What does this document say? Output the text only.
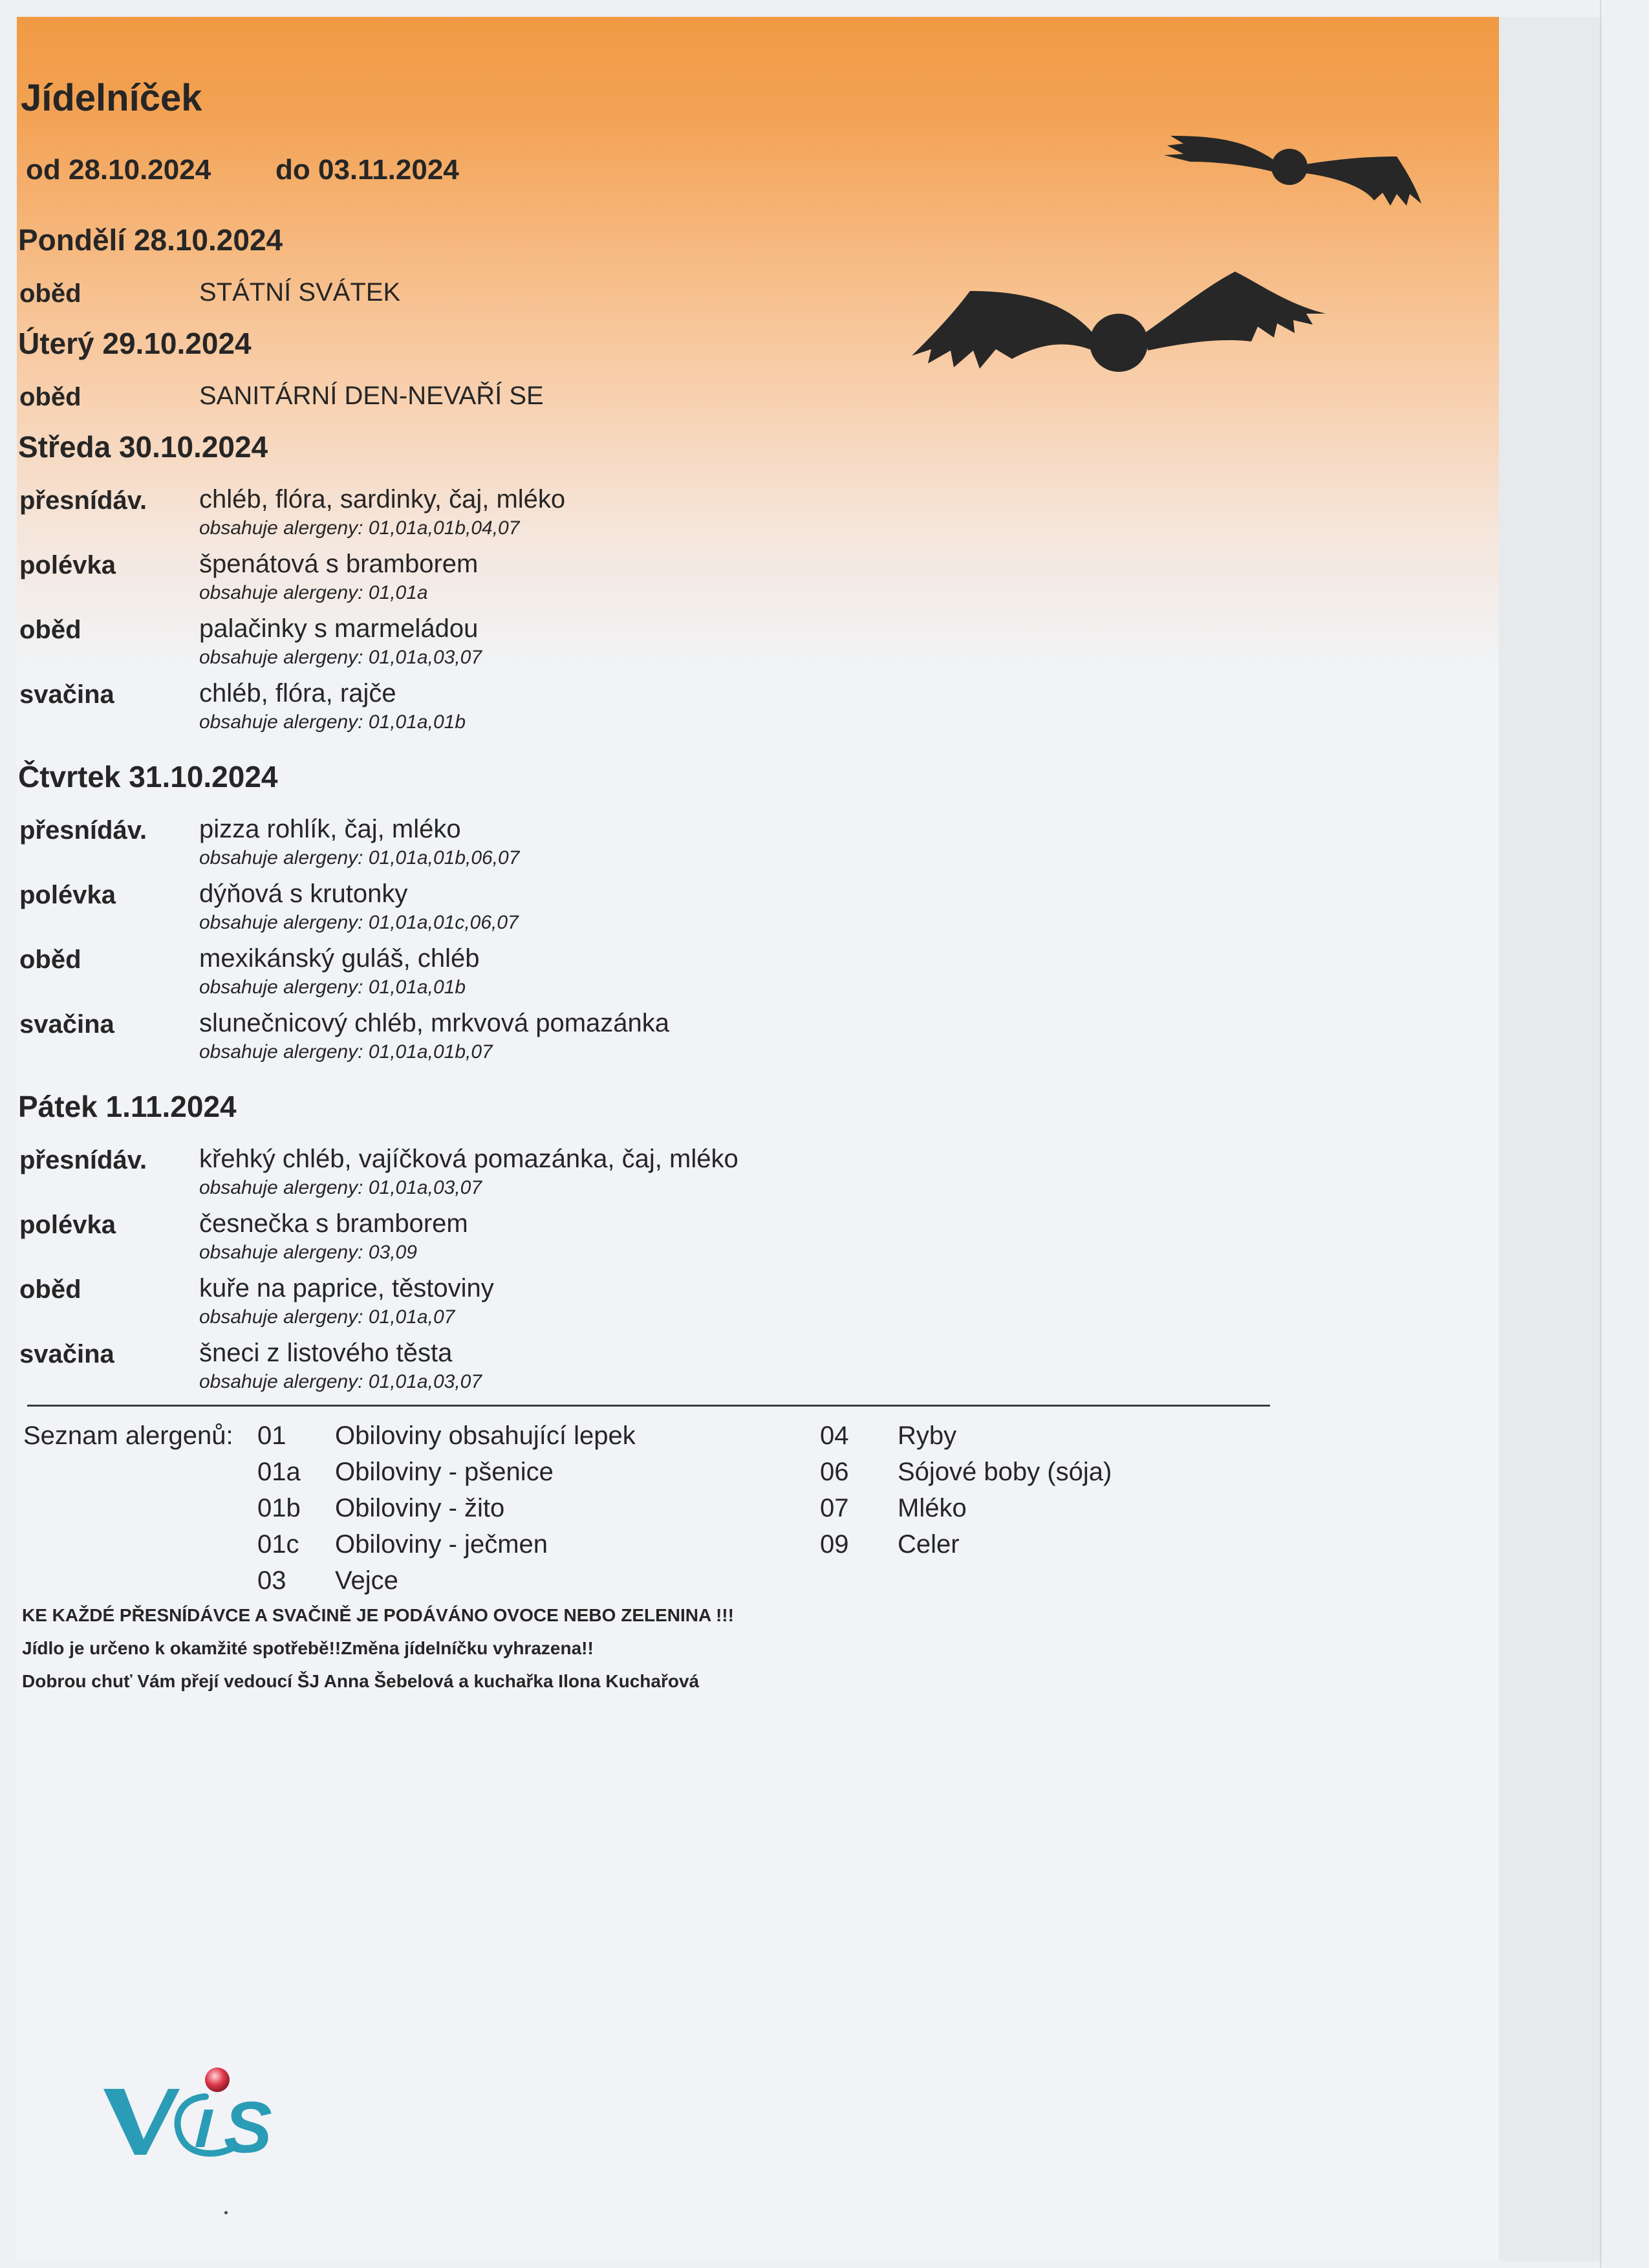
Jídelníček
od 28.10.2024 do 03.11.2024
Pondělí 28.10.2024
oběd	STÁTNÍ SVÁTEK
Úterý 29.10.2024
oběd	SANITÁRNÍ DEN-NEVAŘÍ SE
Středa 30.10.2024
přesnídáv. chléb, flóra, sardinky, čaj, mléko
obsahuje alergeny: 01,01a,01b,04,07
polévka	špenátová s bramborem
obsahuje alergeny: 01,01a
oběd	palačinky s marmeládou
obsahuje alergeny: 01,01a,03,07
svačina	chléb, flóra, rajče
obsahuje alergeny: 01,01a,01b
Čtvrtek 31.10.2024
přesnídáv. pizza rohlík, čaj, mléko
obsahuje alergeny: 01,01a,01b,06,07
polévka	dýňová s krutonky
obsahuje alergeny: 01,01a,01c,06,07
oběd	mexikánský guláš, chléb
obsahuje alergeny: 01,01a,01b
svačina	slunečnicový chléb, mrkvová pomazánka
obsahuje alergeny: 01,01a,01b,07
Pátek 1.11.2024
přesnídáv. křehký chléb, vajíčková pomazánka, čaj, mléko
obsahuje alergeny: 01,01a,03,07
polévka	česnečka s bramborem
obsahuje alergeny: 03,09
oběd	kuře na paprice, těstoviny
obsahuje alergeny: 01,01a,07
svačina	šneci z listového těsta
obsahuje alergeny: 01,01a,03,07
Seznam alergenů: 01 Obiloviny obsahující lepek
01a Obiloviny - pšenice
01b Obiloviny - žito
01c Obiloviny - ječmen
03 Vejce
04 Ryby
06 Sójové boby (sója)
07 Mléko
09 Celer
KE KAŽDÉ PŘESNÍDÁVCE A SVAČINĚ JE PODÁVÁNO OVOCE NEBO ZELENINA !!!
Jídlo je určeno k okamžité spotřebě!!Změna jídelníčku vyhrazena!!
Dobrou chuť Vám přejí vedoucí ŠJ Anna Šebelová a kuchařka Ilona Kuchařová
S
